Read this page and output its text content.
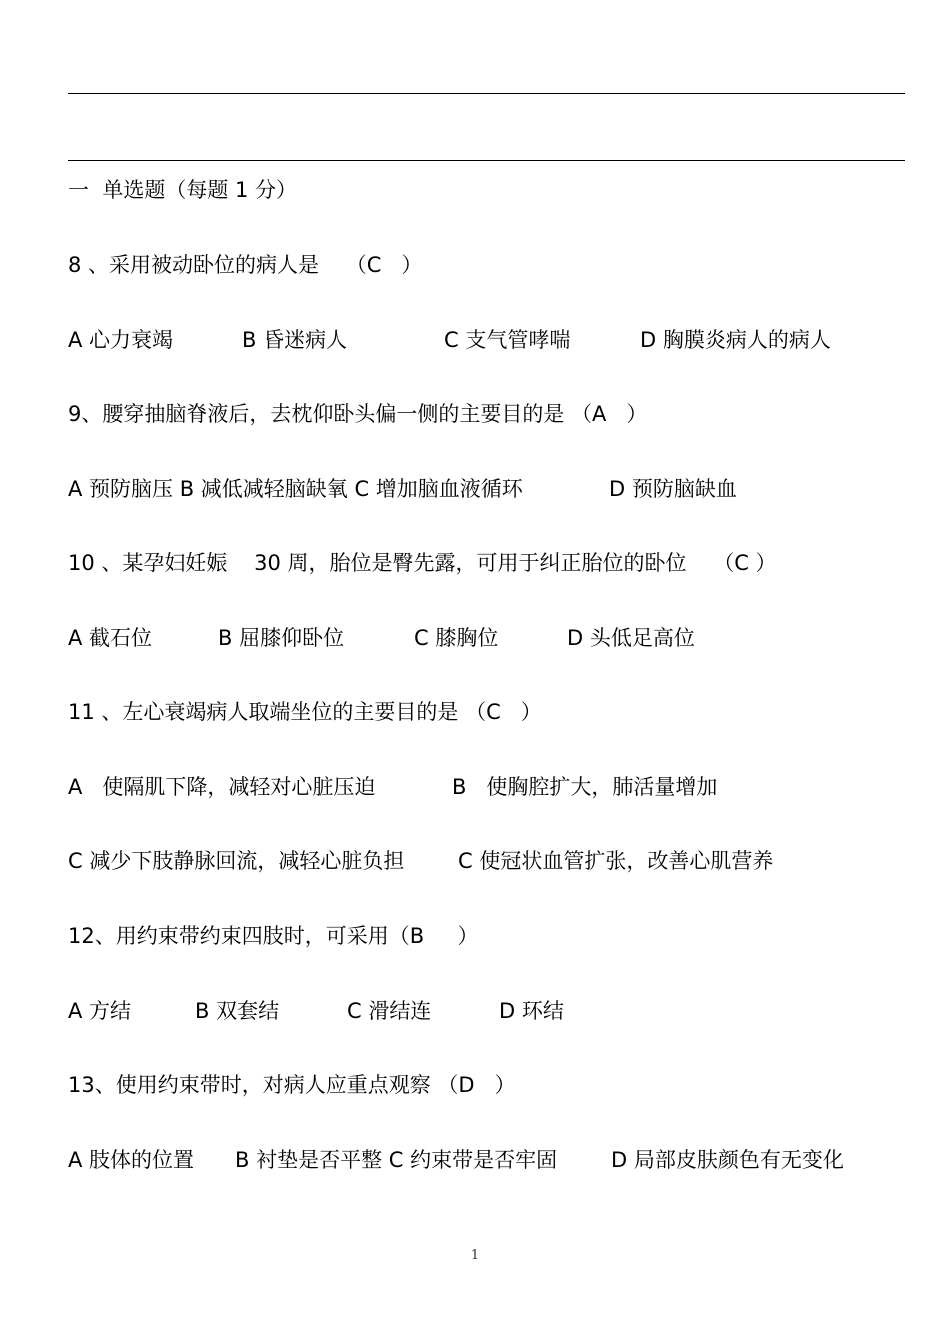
一  单选题（每题 1 分）
8 、采用被动卧位的病人是    （C   ）

A 心力衰竭

	B 昏迷病人

	C 支气管哮喘

	D 胸膜炎病人的病人

9、腰穿抽脑脊液后，去枕仰卧头偏一侧的主要目的是 （A   ）

A 预防脑压 B 减低减轻脑缺氧 C 增加脑血液循环

	D 预防脑缺血

10 、某孕妇妊娠    30 周，胎位是臀先露，可用于纠正胎位的卧位    （C ）

A 截石位

	B 屈膝仰卧位

	C 膝胸位

	D 头低足高位

11 、左心衰竭病人取端坐位的主要目的是 （C   ）

A   使隔肌下降，减轻对心脏压迫

	B   使胸腔扩大，肺活量增加

C 减少下肢静脉回流，减轻心脏负担

	C 使冠状血管扩张，改善心肌营养

12、用约束带约束四肢时，可采用（B     ）

A 方结

	B 双套结

	C 滑结连

	D 环结

13、使用约束带时，对病人应重点观察 （D   ）

A 肢体的位置

B 衬垫是否平整 C 约束带是否牢固

	D 局部皮肤颜色有无变化

1
